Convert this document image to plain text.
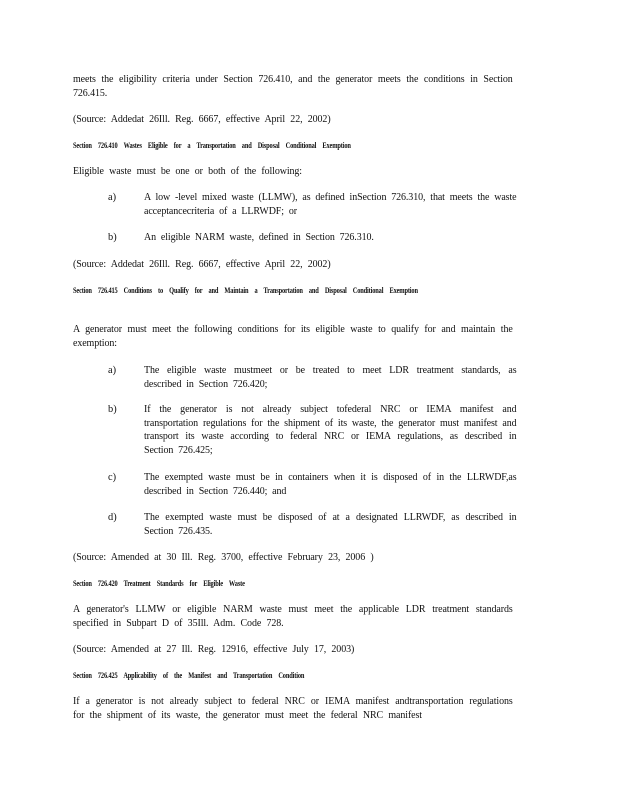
meets the eligibility criteria under Section 726.410, and the generator meets the conditions in Section 726.415.
(Source: Addedat 26Ill. Reg. 6667, effective April 22, 2002)
Section 726.410 Wastes Eligible for a Transportation and Disposal Conditional Exemption
Eligible waste must be one or both of the following:
a)	A low -level mixed waste (LLMW), as defined inSection 726.310, that meets the waste acceptancecriteria of a LLRWDF; or
b)	An eligible NARM waste, defined in Section 726.310.
(Source: Addedat 26Ill. Reg. 6667, effective April 22, 2002)
Section 726.415 Conditions to Qualify for and Maintain a Transportation and Disposal Conditional Exemption
A generator must meet the following conditions for its eligible waste to qualify for and maintain the exemption:
a)	The eligible waste mustmeet or be treated to meet LDR treatment standards, as described in Section 726.420;
b)	If the generator is not already subject tofederal NRC or IEMA manifest and transportation regulations for the shipment of its waste, the generator must manifest and transport its waste according to federal NRC or IEMA regulations, as described in Section 726.425;
c)	The exempted waste must be in containers when it is disposed of in the LLRWDF,as described in Section 726.440; and
d)	The exempted waste must be disposed of at a designated LLRWDF, as described in Section 726.435.
(Source: Amended at 30 Ill. Reg. 3700, effective February 23, 2006 )
Section 726.420 Treatment Standards for Eligible Waste
A generator's LLMW or eligible NARM waste must meet the applicable LDR treatment standards specified in Subpart D of 35Ill. Adm. Code 728.
(Source: Amended at 27 Ill. Reg. 12916, effective July 17, 2003)
Section 726.425 Applicability of the Manifest and Transportation Condition
If a generator is not already subject to federal NRC or IEMA manifest andtransportation regulations for the shipment of its waste, the generator must meet the federal NRC manifest
